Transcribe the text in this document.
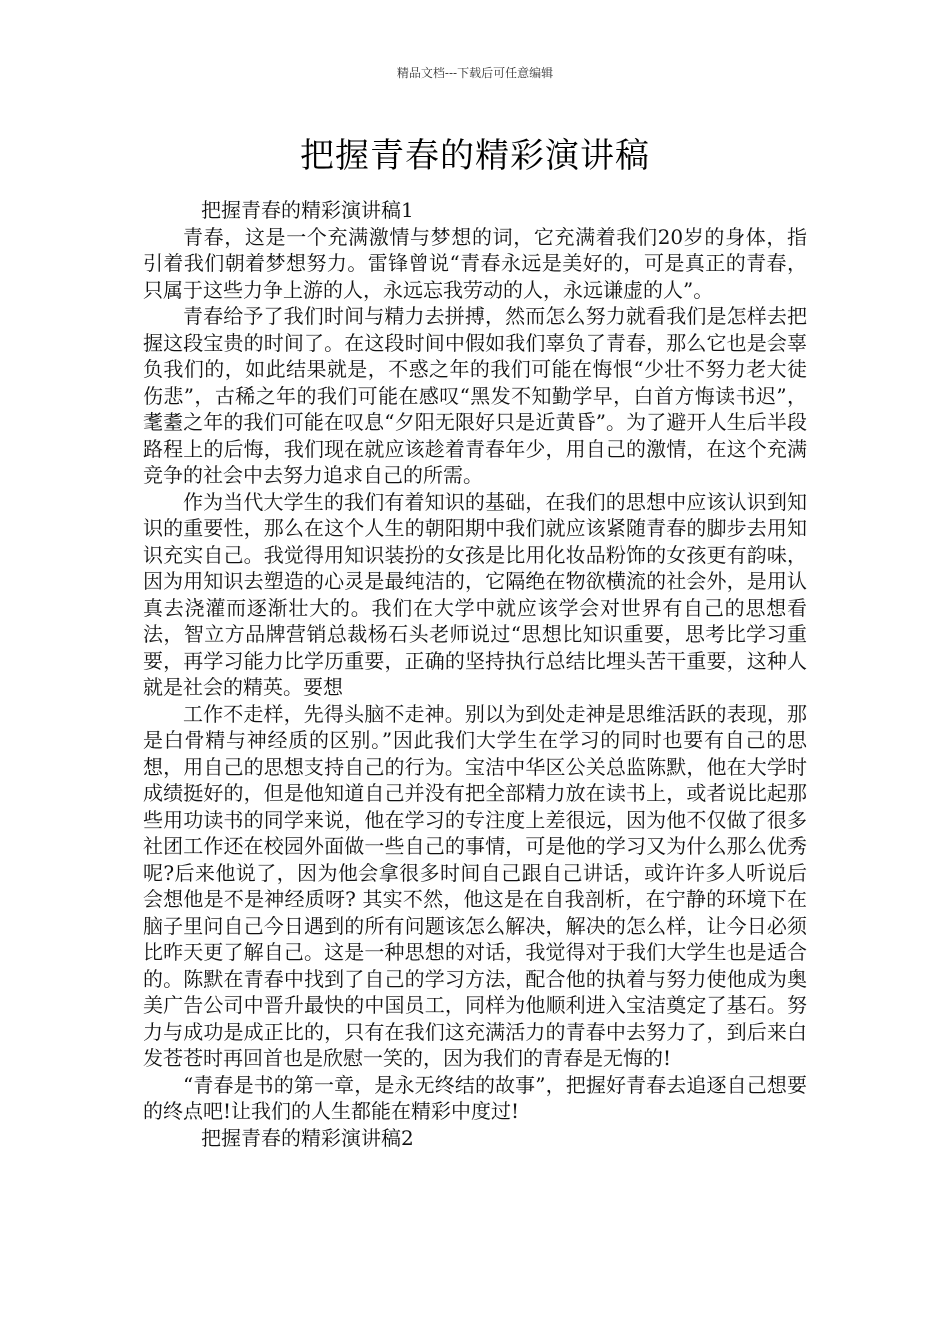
精品文档---下载后可任意编辑
把握青春的精彩演讲稿

把握青春的精彩演讲稿1

青春，这是一个充满激情与梦想的词，它充满着我们20岁的身体，指引着我们朝着梦想努力。雷锋曾说“青春永远是美好的，可是真正的青春，只属于这些力争上游的人，永远忘我劳动的人，永远谦虚的人”。

青春给予了我们时间与精力去拼搏，然而怎么努力就看我们是怎样去把握这段宝贵的时间了。在这段时间中假如我们辜负了青春，那么它也是会辜负我们的，如此结果就是，不惑之年的我们可能在悔恨“少壮不努力老大徒伤悲”，古稀之年的我们可能在感叹“黑发不知勤学早，白首方悔读书迟”，耄耋之年的我们可能在叹息“夕阳无限好只是近黄昏”。为了避开人生后半段路程上的后悔，我们现在就应该趁着青春年少，用自己的激情，在这个充满竞争的社会中去努力追求自己的所需。

作为当代大学生的我们有着知识的基础，在我们的思想中应该认识到知识的重要性，那么在这个人生的朝阳期中我们就应该紧随青春的脚步去用知识充实自己。我觉得用知识装扮的女孩是比用化妆品粉饰的女孩更有韵味，因为用知识去塑造的心灵是最纯洁的，它隔绝在物欲横流的社会外，是用认真去浇灌而逐渐壮大的。我们在大学中就应该学会对世界有自己的思想看法，智立方品牌营销总裁杨石头老师说过“思想比知识重要，思考比学习重要，再学习能力比学历重要，正确的坚持执行总结比埋头苦干重要，这种人就是社会的精英。要想

工作不走样，先得头脑不走神。别以为到处走神是思维活跃的表现，那是白骨精与神经质的区别。”因此我们大学生在学习的同时也要有自己的思想，用自己的思想支持自己的行为。宝洁中华区公关总监陈默，他在大学时成绩挺好的，但是他知道自己并没有把全部精力放在读书上，或者说比起那些用功读书的同学来说，他在学习的专注度上差很远，因为他不仅做了很多社团工作还在校园外面做一些自己的事情，可是他的学习又为什么那么优秀呢?后来他说了，因为他会拿很多时间自己跟自己讲话，或许许多人听说后会想他是不是神经质呀? 其实不然，他这是在自我剖析，在宁静的环境下在脑子里问自己今日遇到的所有问题该怎么解决，解决的怎么样，让今日必须比昨天更了解自己。这是一种思想的对话，我觉得对于我们大学生也是适合的。陈默在青春中找到了自己的学习方法，配合他的执着与努力使他成为奥美广告公司中晋升最快的中国员工，同样为他顺利进入宝洁奠定了基石。努力与成功是成正比的，只有在我们这充满活力的青春中去努力了，到后来白发苍苍时再回首也是欣慰一笑的，因为我们的青春是无悔的!

“青春是书的第一章，是永无终结的故事”，把握好青春去追逐自己想要的终点吧!让我们的人生都能在精彩中度过!

把握青春的精彩演讲稿2
